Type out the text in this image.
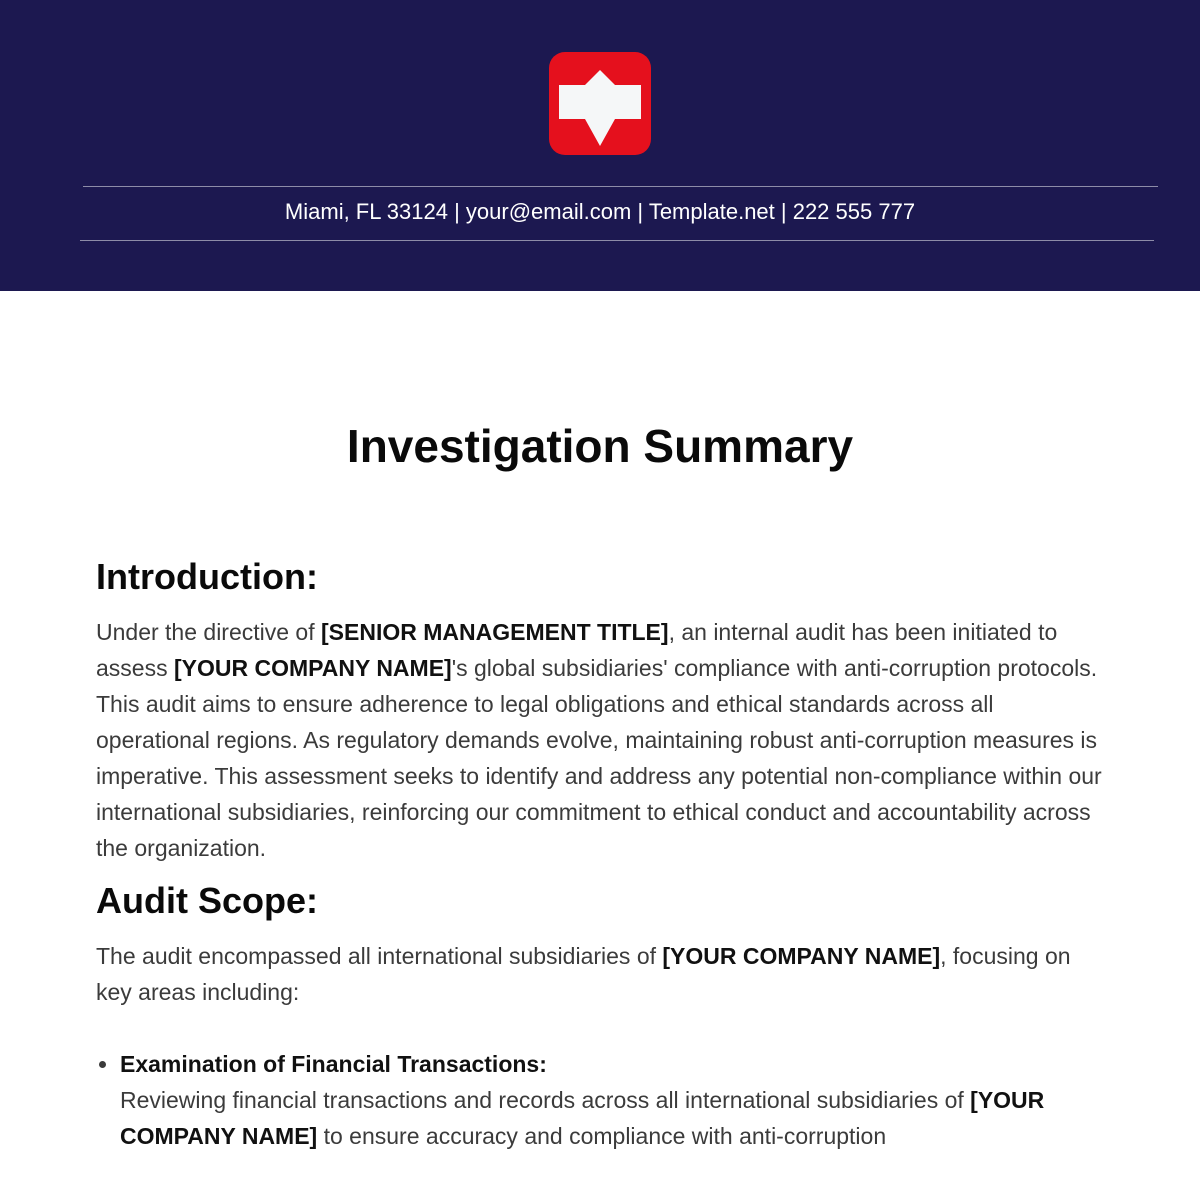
Miami, FL 33124 | your@email.com | Template.net | 222 555 777
Investigation Summary
Introduction:

Under the directive of [SENIOR MANAGEMENT TITLE], an internal audit has been initiated to assess [YOUR COMPANY NAME]'s global subsidiaries' compliance with anti-corruption protocols. This audit aims to ensure adherence to legal obligations and ethical standards across all operational regions. As regulatory demands evolve, maintaining robust anti-corruption measures is imperative. This assessment seeks to identify and address any potential non-compliance within our international subsidiaries, reinforcing our commitment to ethical conduct and accountability across the organization.

Audit Scope:

The audit encompassed all international subsidiaries of [YOUR COMPANY NAME], focusing on key areas including:

• Examination of Financial Transactions:
Reviewing financial transactions and records across all international subsidiaries of [YOUR COMPANY NAME] to ensure accuracy and compliance with anti-corruption
